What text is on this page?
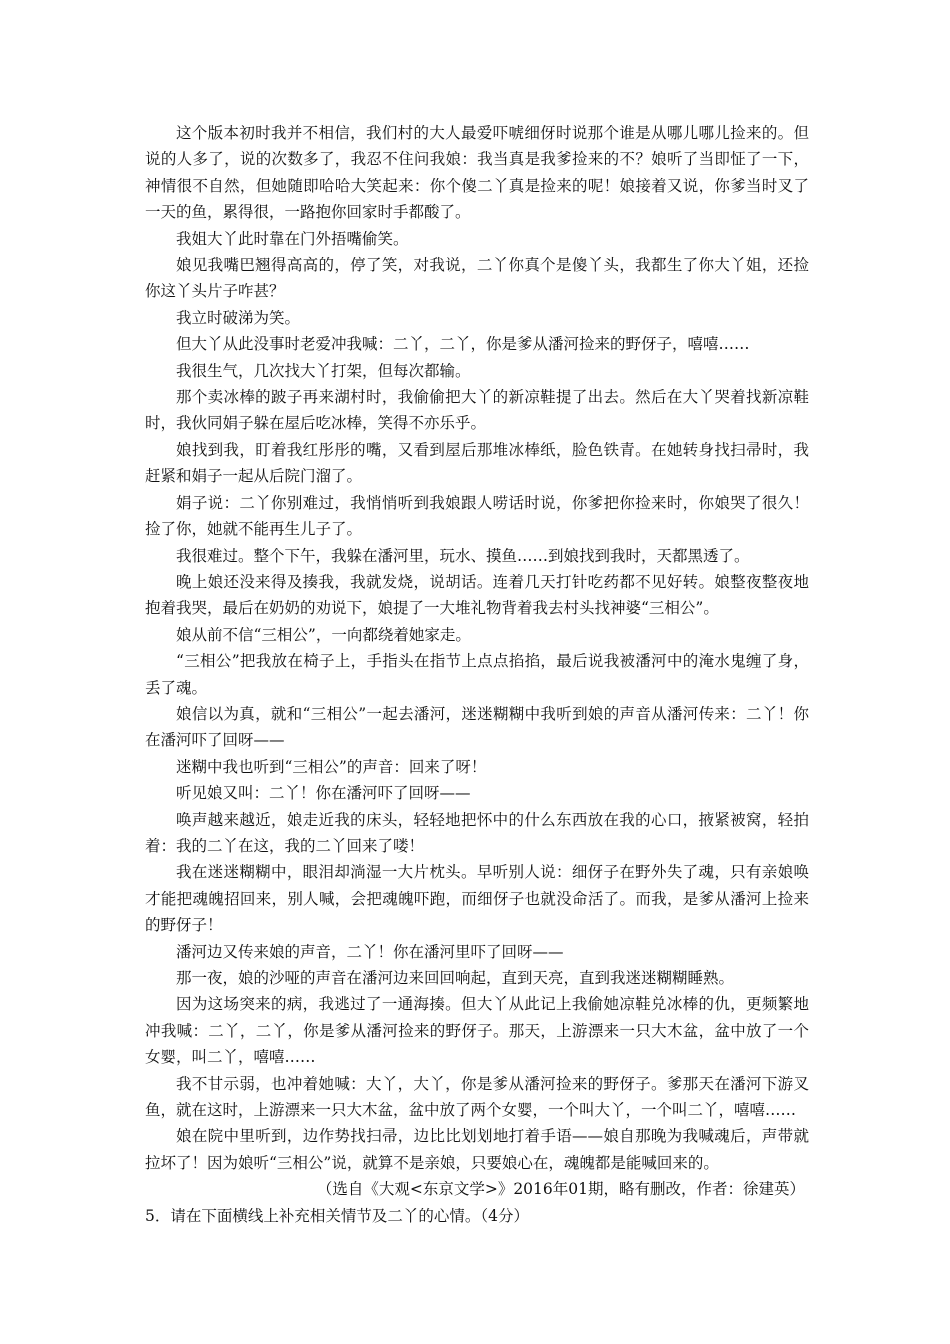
这个版本初时我并不相信，我们村的大人最爱吓唬细伢时说那个谁是从哪儿哪儿捡来的。但说的人多了，说的次数多了，我忍不住问我娘：我当真是我爹捡来的不？娘听了当即怔了一下，神情很不自然，但她随即哈哈大笑起来：你个傻二丫真是捡来的呢！娘接着又说，你爹当时叉了一天的鱼，累得很，一路抱你回家时手都酸了。

我姐大丫此时靠在门外捂嘴偷笑。

娘见我嘴巴翘得高高的，停了笑，对我说，二丫你真个是傻丫头，我都生了你大丫姐，还捡你这丫头片子咋甚？

我立时破涕为笑。

但大丫从此没事时老爱冲我喊：二丫，二丫，你是爹从潘河捡来的野伢子，嘻嘻……

我很生气，几次找大丫打架，但每次都输。

那个卖冰棒的跛子再来湖村时，我偷偷把大丫的新凉鞋提了出去。然后在大丫哭着找新凉鞋时，我伙同娟子躲在屋后吃冰棒，笑得不亦乐乎。

娘找到我，盯着我红彤彤的嘴，又看到屋后那堆冰棒纸，脸色铁青。在她转身找扫帚时，我赶紧和娟子一起从后院门溜了。

娟子说：二丫你别难过，我悄悄听到我娘跟人唠话时说，你爹把你捡来时，你娘哭了很久！捡了你，她就不能再生儿子了。

我很难过。整个下午，我躲在潘河里，玩水、摸鱼……到娘找到我时，天都黑透了。

晚上娘还没来得及揍我，我就发烧，说胡话。连着几天打针吃药都不见好转。娘整夜整夜地抱着我哭，最后在奶奶的劝说下，娘提了一大堆礼物背着我去村头找神婆“三相公”。

娘从前不信“三相公”，一向都绕着她家走。

“三相公”把我放在椅子上，手指头在指节上点点掐掐，最后说我被潘河中的淹水鬼缠了身，丢了魂。

娘信以为真，就和“三相公”一起去潘河，迷迷糊糊中我听到娘的声音从潘河传来：二丫！你在潘河吓了回呀——

迷糊中我也听到“三相公”的声音：回来了呀！

听见娘又叫：二丫！你在潘河吓了回呀——

唤声越来越近，娘走近我的床头，轻轻地把怀中的什么东西放在我的心口，掖紧被窝，轻拍着：我的二丫在这，我的二丫回来了喽！

我在迷迷糊糊中，眼泪却淌湿一大片枕头。早听别人说：细伢子在野外失了魂，只有亲娘唤才能把魂魄招回来，别人喊，会把魂魄吓跑，而细伢子也就没命活了。而我，是爹从潘河上捡来的野伢子！

潘河边又传来娘的声音，二丫！你在潘河里吓了回呀——

那一夜，娘的沙哑的声音在潘河边来回回响起，直到天亮，直到我迷迷糊糊睡熟。

因为这场突来的病，我逃过了一通海揍。但大丫从此记上我偷她凉鞋兑冰棒的仇，更频繁地冲我喊：二丫，二丫，你是爹从潘河捡来的野伢子。那天，上游漂来一只大木盆，盆中放了一个女婴，叫二丫，嘻嘻……

我不甘示弱，也冲着她喊：大丫，大丫，你是爹从潘河捡来的野伢子。爹那天在潘河下游叉鱼，就在这时，上游漂来一只大木盆，盆中放了两个女婴，一个叫大丫，一个叫二丫，嘻嘻……

娘在院中里听到，边作势找扫帚，边比比划划地打着手语——娘自那晚为我喊魂后，声带就拉坏了！因为娘听“三相公”说，就算不是亲娘，只要娘心在，魂魄都是能喊回来的。

（选自《大观<东京文学>》2016年01期，略有删改，作者：徐建英）

5．请在下面横线上补充相关情节及二丫的心情。（4分）
